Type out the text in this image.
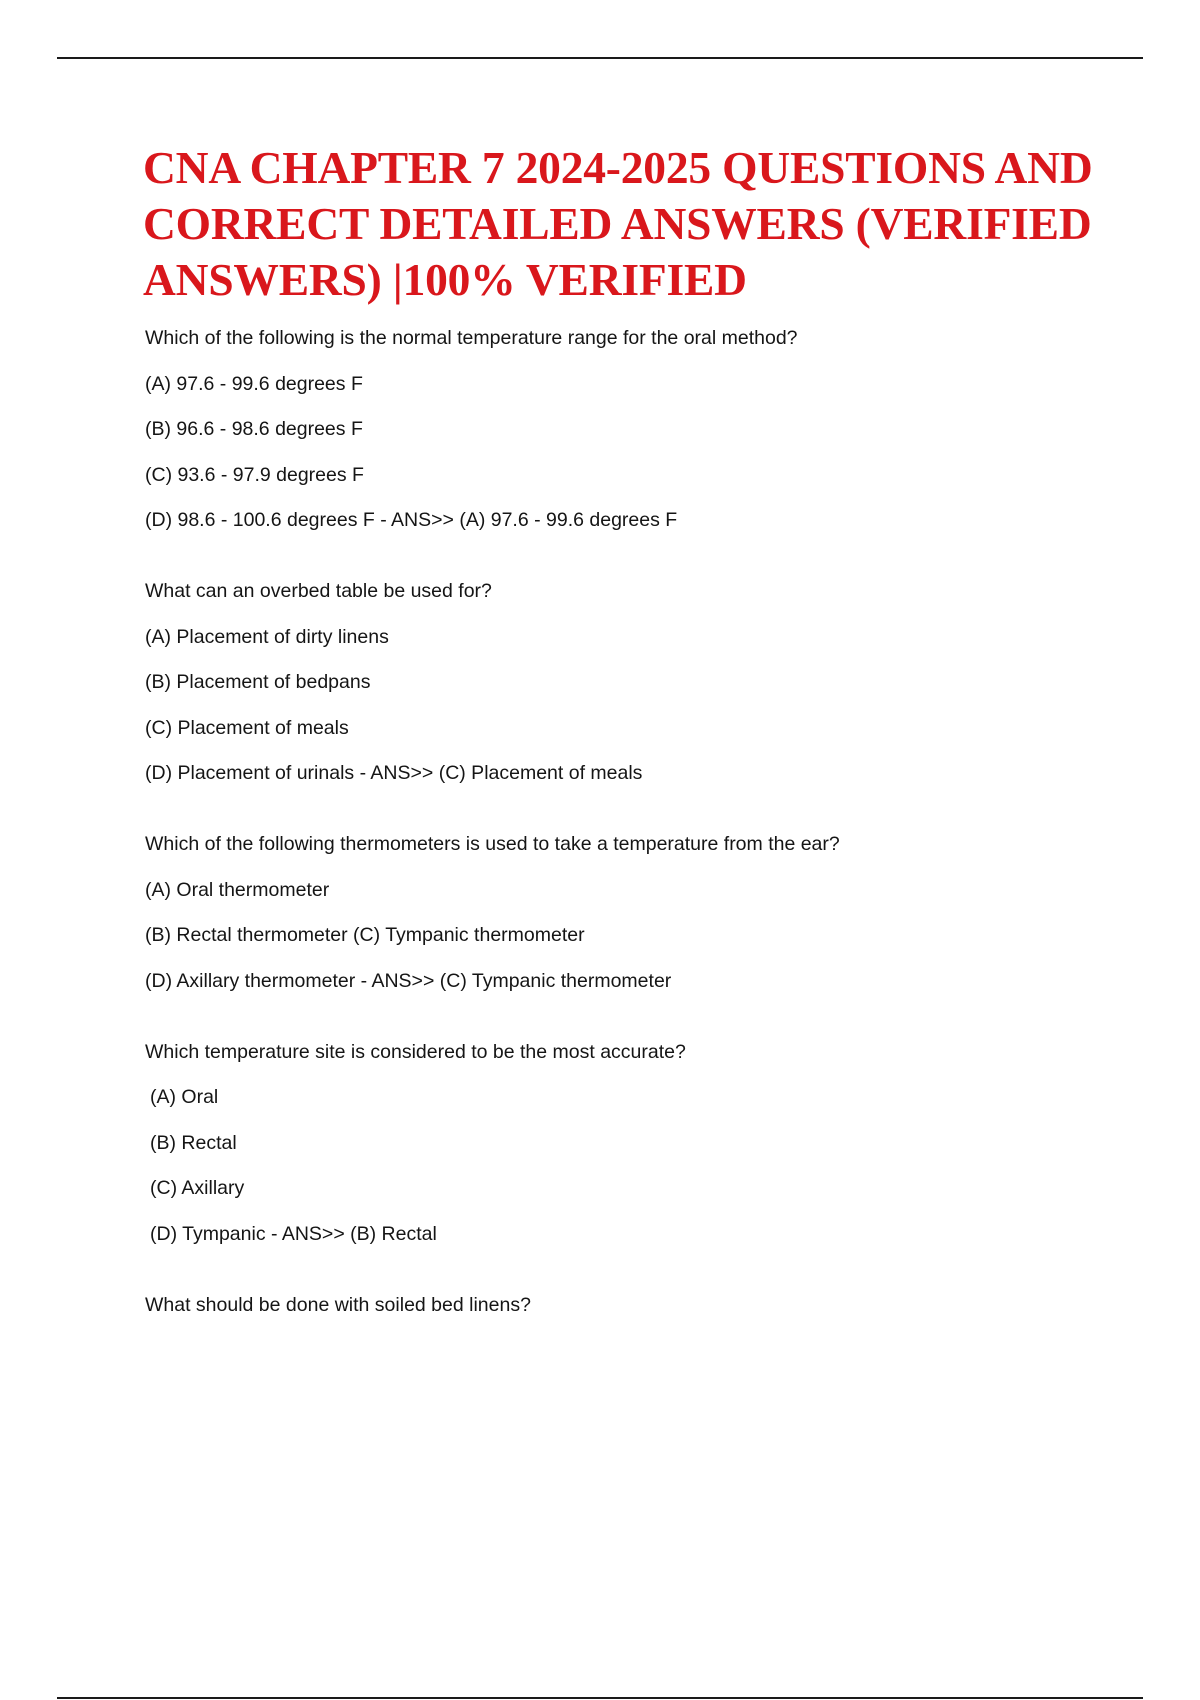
CNA CHAPTER 7 2024-2025 QUESTIONS AND CORRECT DETAILED ANSWERS (VERIFIED ANSWERS) |100% VERIFIED
Which of the following is the normal temperature range for the oral method?
(A) 97.6 - 99.6 degrees F
(B) 96.6 - 98.6 degrees F
(C) 93.6 - 97.9 degrees F
(D) 98.6 - 100.6 degrees F - ANS>> (A) 97.6 - 99.6 degrees F
What can an overbed table be used for?
(A) Placement of dirty linens
(B) Placement of bedpans
(C) Placement of meals
(D) Placement of urinals - ANS>> (C) Placement of meals
Which of the following thermometers is used to take a temperature from the ear?
(A) Oral thermometer
(B) Rectal thermometer (C) Tympanic thermometer
(D) Axillary thermometer - ANS>> (C) Tympanic thermometer
Which temperature site is considered to be the most accurate?
(A) Oral
(B) Rectal
(C) Axillary
(D) Tympanic - ANS>> (B) Rectal
What should be done with soiled bed linens?
